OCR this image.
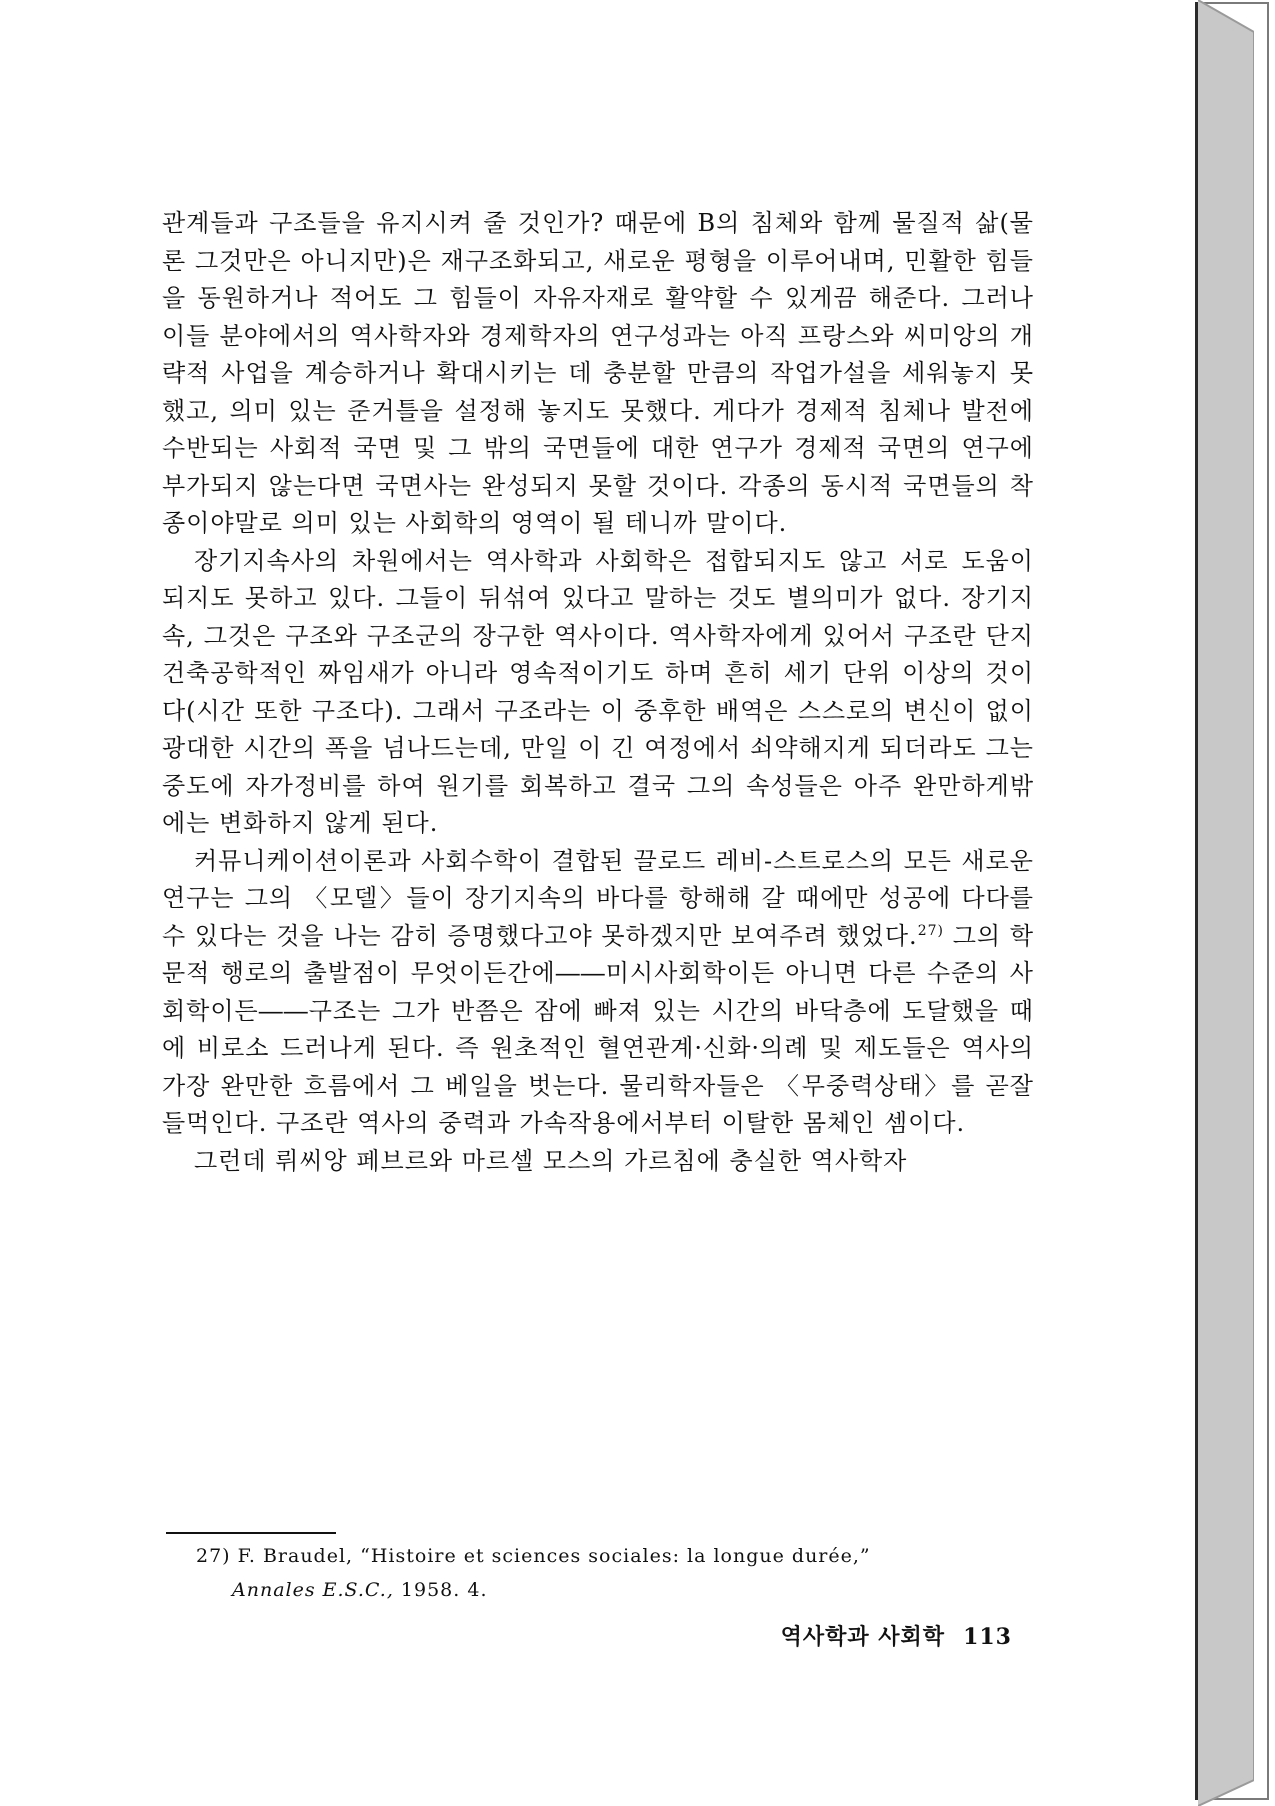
관계들과 구조들을 유지시켜 줄 것인가? 때문에 B의 침체와 함께 물질적 삶(물론 그것만은 아니지만)은 재구조화되고, 새로운 평형을 이루어내며, 민활한 힘들을 동원하거나 적어도 그 힘들이 자유자재로 활약할 수 있게끔 해준다. 그러나 이들 분야에서의 역사학자와 경제학자의 연구성과는 아직 프랑스와 씨미앙의 개략적 사업을 계승하거나 확대시키는 데 충분할 만큼의 작업가설을 세워놓지 못했고, 의미 있는 준거틀을 설정해 놓지도 못했다. 게다가 경제적 침체나 발전에 수반되는 사회적 국면 및 그 밖의 국면들에 대한 연구가 경제적 국면의 연구에 부가되지 않는다면 국면사는 완성되지 못할 것이다. 각종의 동시적 국면들의 착종이야말로 의미 있는 사회학의 영역이 될 테니까 말이다.

장기지속사의 차원에서는 역사학과 사회학은 접합되지도 않고 서로 도움이 되지도 못하고 있다. 그들이 뒤섞여 있다고 말하는 것도 별의미가 없다. 장기지속, 그것은 구조와 구조군의 장구한 역사이다. 역사학자에게 있어서 구조란 단지 건축공학적인 짜임새가 아니라 영속적이기도 하며 흔히 세기 단위 이상의 것이다(시간 또한 구조다). 그래서 구조라는 이 중후한 배역은 스스로의 변신이 없이 광대한 시간의 폭을 넘나드는데, 만일 이 긴 여정에서 쇠약해지게 되더라도 그는 중도에 자가정비를 하여 원기를 회복하고 결국 그의 속성들은 아주 완만하게밖에는 변화하지 않게 된다.

커뮤니케이션이론과 사회수학이 결합된 끌로드 레비-스트로스의 모든 새로운 연구는 그의 〈모델〉들이 장기지속의 바다를 항해해 갈 때에만 성공에 다다를 수 있다는 것을 나는 감히 증명했다고야 못하겠지만 보여주려 했었다.$^{27)}$ 그의 학문적 행로의 출발점이 무엇이든간에――미시사회학이든 아니면 다른 수준의 사회학이든――구조는 그가 반쯤은 잠에 빠져 있는 시간의 바닥층에 도달했을 때에 비로소 드러나게 된다. 즉 원초적인 혈연관계·신화·의례 및 제도들은 역사의 가장 완만한 흐름에서 그 베일을 벗는다. 물리학자들은 〈무중력상태〉를 곧잘 들먹인다. 구조란 역사의 중력과 가속작용에서부터 이탈한 몸체인 셈이다.

그런데 뤼씨앙 페브르와 마르셀 모스의 가르침에 충실한 역사학자

27) F. Braudel, “Histoire et sciences sociales: la longue durée,”
Annales E.S.C., 1958. 4.
역사학과 사회학 113
